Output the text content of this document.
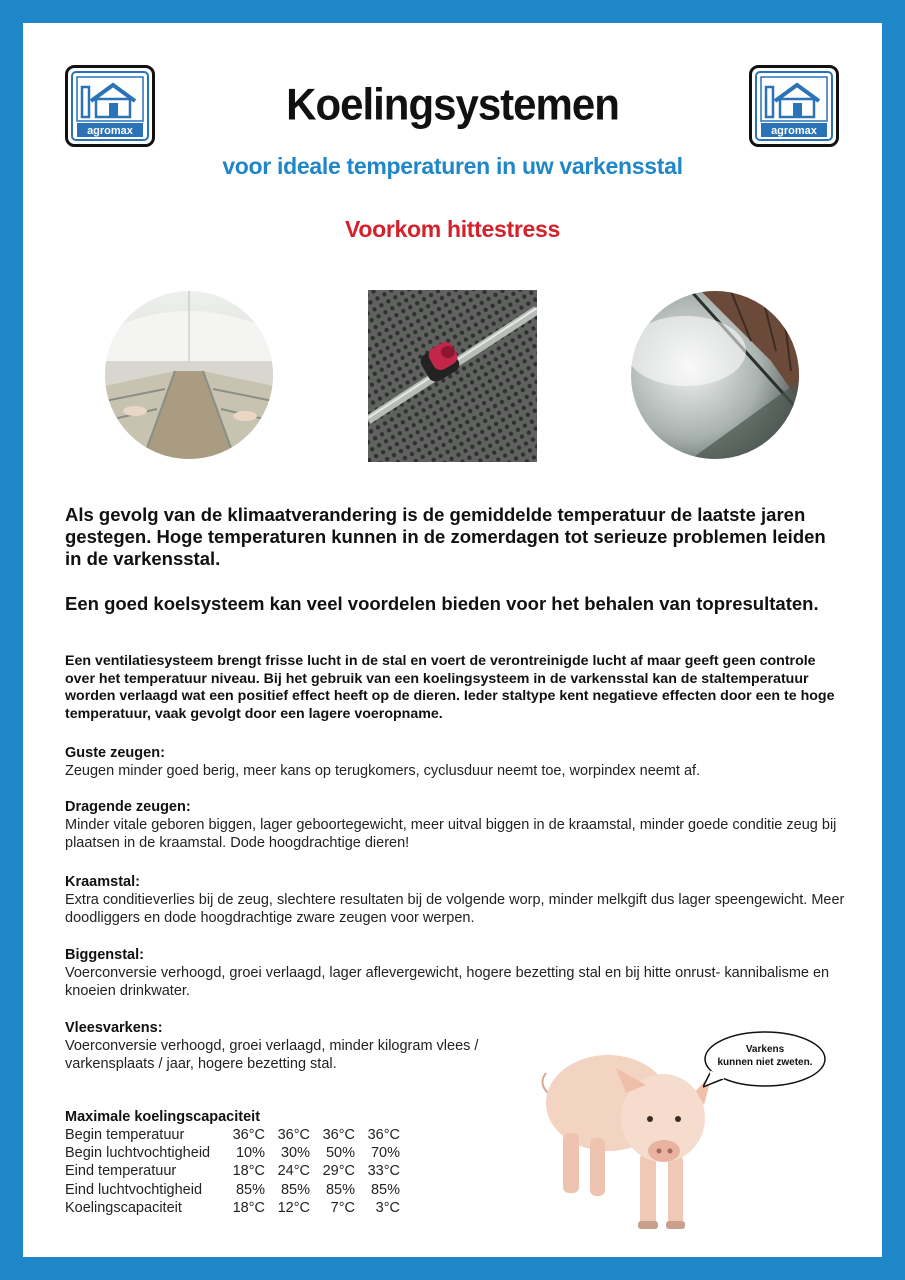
agromax	agromax
Koelingsystemen
voor ideale temperaturen in uw varkensstal
Voorkom hittestress
Als gevolg van de klimaatverandering is de gemiddelde temperatuur de laatste jaren gestegen. Hoge temperaturen kunnen in de zomerdagen tot serieuze problemen leiden in de varkensstal.
Een goed koelsysteem kan veel voordelen bieden voor het behalen van topresultaten.
Een ventilatiesysteem brengt frisse lucht in de stal en voert de verontreinigde lucht af maar geeft geen controle over het temperatuur niveau. Bij het gebruik van een koelingsysteem in de varkensstal kan de staltemperatuur worden verlaagd wat een positief effect heeft op de dieren. Ieder staltype kent negatieve effecten door een te hoge temperatuur, vaak gevolgt door een lagere voeropname.
Guste zeugen:
Zeugen minder goed berig, meer kans op terugkomers, cyclusduur neemt toe, worpindex neemt af.
Dragende zeugen:
Minder vitale geboren biggen, lager geboortegewicht, meer uitval biggen in de kraamstal, minder goede conditie zeug bij plaatsen in de kraamstal. Dode hoogdrachtige dieren!
Kraamstal:
Extra conditieverlies bij de zeug, slechtere resultaten bij de volgende worp, minder melkgift dus lager speengewicht. Meer doodliggers en dode hoogdrachtige zware zeugen voor werpen.
Biggenstal:
Voerconversie verhoogd, groei verlaagd, lager aflevergewicht, hogere bezetting stal en bij hitte onrust- kannibalisme en knoeien drinkwater.
Vleesvarkens:
Voerconversie verhoogd, groei verlaagd, minder kilogram vlees / varkensplaats / jaar, hogere bezetting stal.
Maximale koelingscapaciteit
Begin temperatuur	36°C	36°C	36°C	36°C
Begin luchtvochtigheid	10%	30%	50%	70%
Eind temperatuur	18°C	24°C	29°C	33°C
Eind luchtvochtigheid	85%	85%	85%	85%
Koelingscapaciteit	18°C	12°C	7°C	3°C
Varkens
kunnen niet zweten.
